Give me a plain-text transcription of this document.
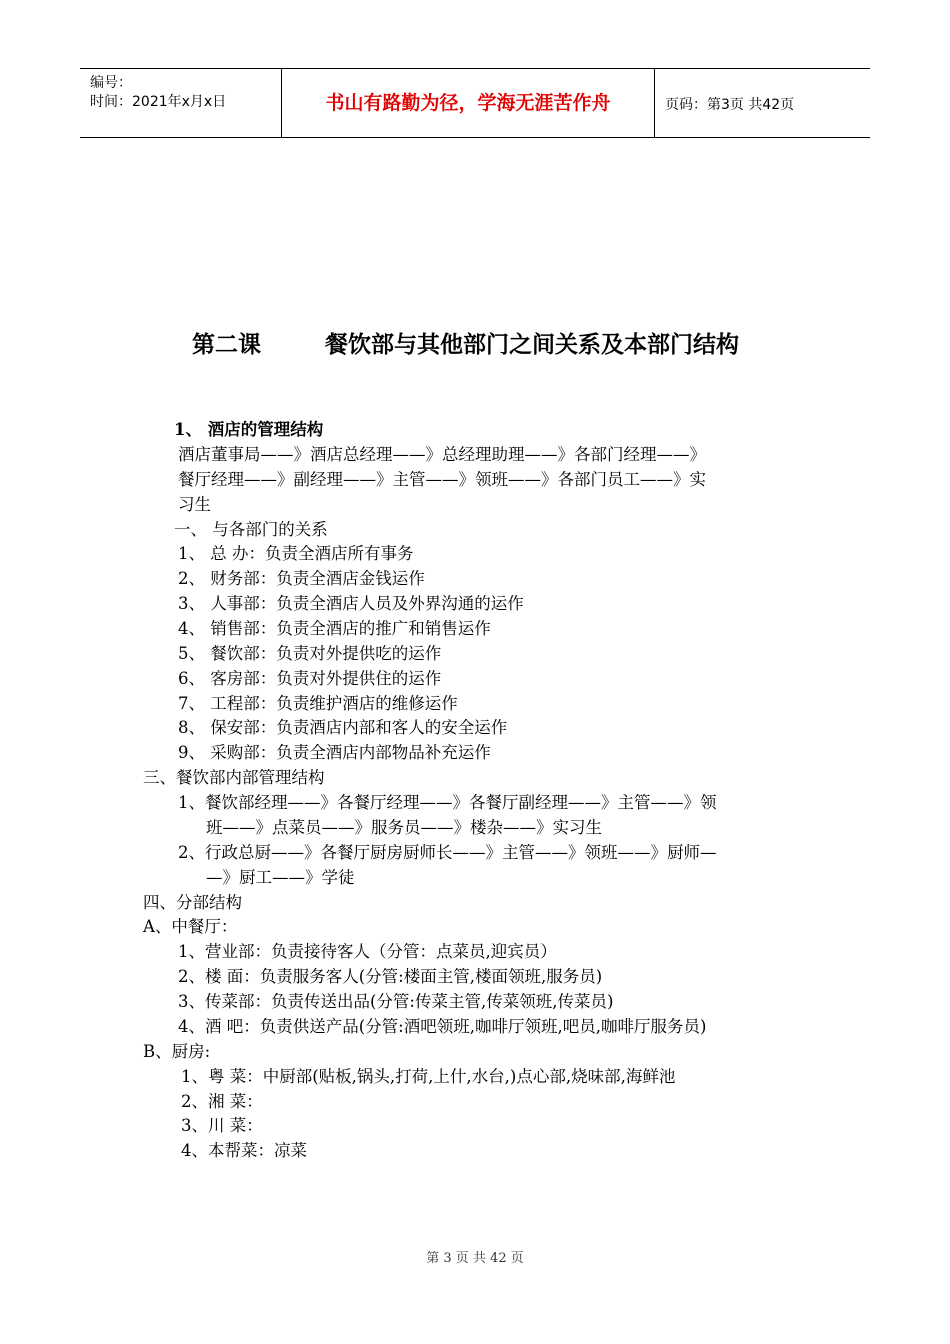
编号：
时间：2021年x月x日	书山有路勤为径，学海无涯苦作舟	页码：第3页 共42页
第二课        餐饮部与其他部门之间关系及本部门结构
1、 酒店的管理结构
酒店董事局——》酒店总经理——》总经理助理——》各部门经理——》
餐厅经理——》副经理——》主管——》领班——》各部门员工——》实
习生
一、 与各部门的关系
1、 总 办：负责全酒店所有事务
2、 财务部：负责全酒店金钱运作
3、 人事部：负责全酒店人员及外界沟通的运作
4、 销售部：负责全酒店的推广和销售运作
5、 餐饮部：负责对外提供吃的运作
6、 客房部：负责对外提供住的运作
7、 工程部：负责维护酒店的维修运作
8、 保安部：负责酒店内部和客人的安全运作
9、 采购部：负责全酒店内部物品补充运作
三、餐饮部内部管理结构
1、餐饮部经理——》各餐厅经理——》各餐厅副经理——》主管——》领
班——》点菜员——》服务员——》楼杂——》实习生
2、行政总厨——》各餐厅厨房厨师长——》主管——》领班——》厨师—
—》厨工——》学徒
四、分部结构
A、中餐厅：
1、营业部：负责接待客人（分管：点菜员,迎宾员）
2、楼 面：负责服务客人(分管:楼面主管,楼面领班,服务员)
3、传菜部：负责传送出品(分管:传菜主管,传菜领班,传菜员)
4、酒 吧：负责供送产品(分管:酒吧领班,咖啡厅领班,吧员,咖啡厅服务员)
B、厨房:
1、粤 菜：中厨部(贴板,锅头,打荷,上什,水台,)点心部,烧味部,海鲜池
2、湘 菜：
3、川 菜：
4、本帮菜：凉菜
第 3 页 共 42 页
